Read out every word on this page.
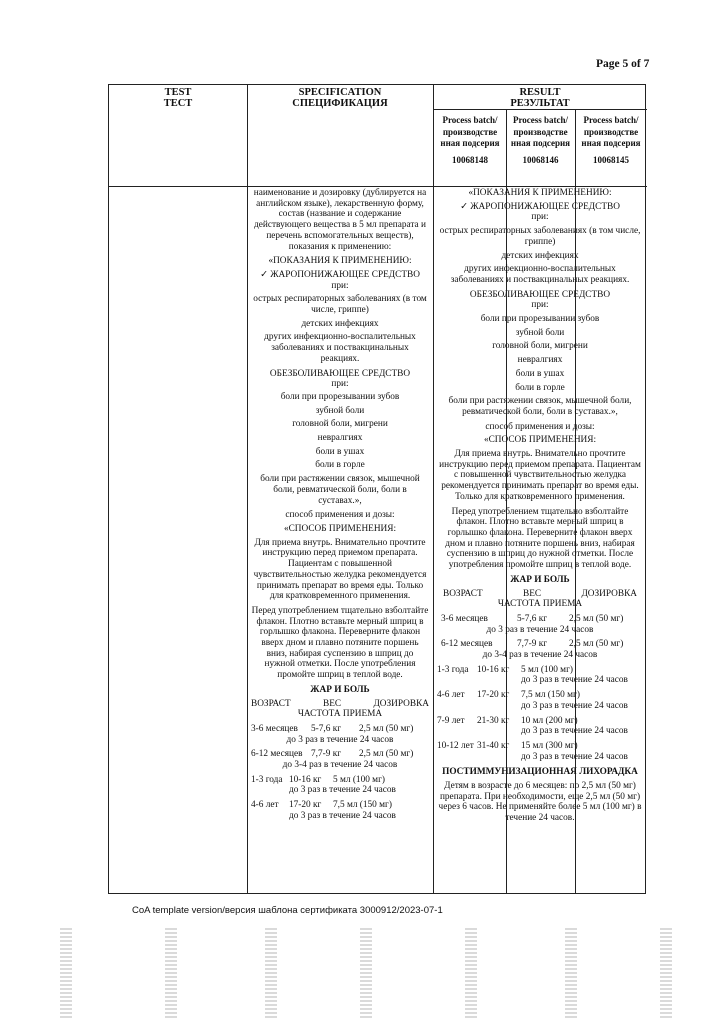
Page 5 of 7
TEST
ТЕСТ
SPECIFICATION
СПЕЦИФИКАЦИЯ
RESULT
РЕЗУЛЬТАТ
Process batch/ производстве нная подсерия
10068148
Process batch/ производстве нная подсерия
10068146
Process batch/ производстве нная подсерия
10068145
наименование и дозировку (дублируется на английском языке), лекарственную форму, состав (название и содержание действующего вещества в 5 мл препарата и перечень вспомогательных веществ), показания к применению:
«ПОКАЗАНИЯ К ПРИМЕНЕНИЮ:
✓ ЖАРОПОНИЖАЮЩЕЕ СРЕДСТВО при:
острых респираторных заболеваниях (в том числе, гриппе)
детских инфекциях
других инфекционно-воспалительных заболеваниях и поствакцинальных реакциях.
ОБЕЗБОЛИВАЮЩЕЕ СРЕДСТВО
при:
боли при прорезывании зубов
зубной боли
головной боли, мигрени
невралгиях
боли в ушах
боли в горле
боли при растяжении связок, мышечной боли, ревматической боли, боли в суставах.»,
способ применения и дозы:
«СПОСОБ ПРИМЕНЕНИЯ:
Для приема внутрь. Внимательно прочтите инструкцию перед приемом препарата. Пациентам с повышенной чувствительностью желудка рекомендуется принимать препарат во время еды. Только для кратковременного применения.
Перед употреблением тщательно взболтайте флакон. Плотно вставьте мерный шприц в горлышко флакона. Переверните флакон вверх дном и плавно потяните поршень вниз, набирая суспензию в шприц до нужной отметки. После употребления промойте шприц в теплой воде.
ЖАР И БОЛЬ
ВОЗРАСТ	ВЕС	ДОЗИРОВКА
ЧАСТОТА ПРИЕМА
3-6 месяцев	5-7,6 кг	2,5 мл (50 мг)
до 3 раз в течение 24 часов
6-12 месяцев 7,7-9 кг	2,5 мл (50 мг)
до 3-4 раз в течение 24 часов
1-3 года 10-16 кг	5 мл (100 мг)
до 3 раз в течение 24 часов
4-6 лет	17-20 кг	7,5 мл (150 мг)
до 3 раз в течение 24 часов
«ПОКАЗАНИЯ К ПРИМЕНЕНИЮ:
✓ ЖАРОПОНИЖАЮЩЕЕ СРЕДСТВО
при:
острых респираторных заболеваниях (в том числе, гриппе)
детских инфекциях
других инфекционно-воспалительных заболеваниях и поствакцинальных реакциях.
ОБЕЗБОЛИВАЮЩЕЕ СРЕДСТВО
при:
боли при прорезывании зубов
зубной боли
головной боли, мигрени
невралгиях
боли в ушах
боли в горле
боли при растяжении связок, мышечной боли, ревматической боли, боли в суставах.»,
способ применения и дозы:
«СПОСОБ ПРИМЕНЕНИЯ:
Для приема внутрь. Внимательно прочтите инструкцию перед приемом препарата. Пациентам с повышенной чувствительностью желудка рекомендуется принимать препарат во время еды. Только для кратковременного применения.
Перед употреблением тщательно взболтайте флакон. Плотно вставьте мерный шприц в горлышко флакона. Переверните флакон вверх дном и плавно потяните поршень вниз, набирая суспензию в шприц до нужной отметки. После употребления промойте шприц в теплой воде.
ЖАР И БОЛЬ
ВОЗРАСТ	ВЕС	ДОЗИРОВКА
ЧАСТОТА ПРИЕМА
3-6 месяцев	5-7,6 кг	2,5 мл (50 мг)
до 3 раз в течение 24 часов
6-12 месяцев	7,7-9 кг	2,5 мл (50 мг)
до 3-4 раз в течение 24 часов
1-3 года 10-16 кг	5 мл (100 мг)
до 3 раз в течение 24 часов
4-6 лет	17-20 кг	7,5 мл (150 мг)
до 3 раз в течение 24 часов
7-9 лет	21-30 кг	10 мл (200 мг)
до 3 раз в течение 24 часов
10-12 лет 31-40 кг	15 мл (300 мг)
до 3 раз в течение 24 часов
ПОСТИММУНИЗАЦИОННАЯ ЛИХОРАДКА
Детям в возрасте до 6 месяцев: по 2,5 мл (50 мг) препарата. При необходимости, еще 2,5 мл (50 мг) через 6 часов. Не применяйте более 5 мл (100 мг) в течение 24 часов.
CoA template version/версия шаблона сертификата 3000912/2023-07-1
